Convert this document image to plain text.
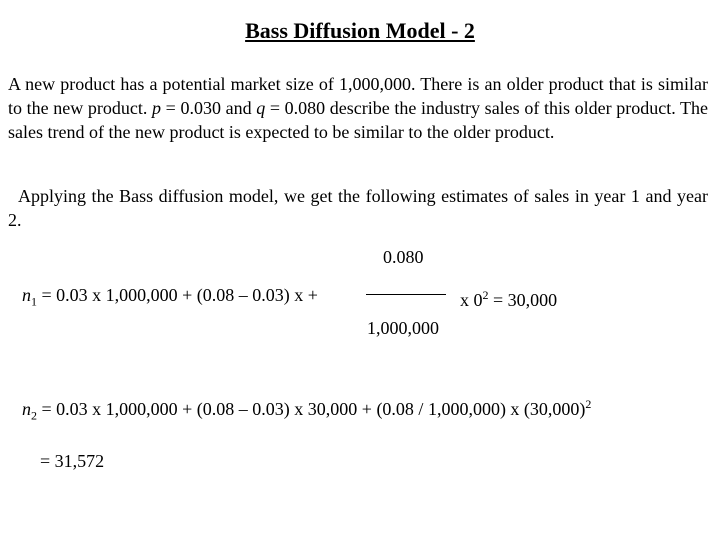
Bass Diffusion Model - 2
A new product has a potential market size of 1,000,000. There is an older product that is similar to the new product. p = 0.030 and q = 0.080 describe the industry sales of this older product. The sales trend of the new product is expected to be similar to the older product.
Applying the Bass diffusion model, we get the following estimates of sales in year 1 and year 2.
0.080
1,000,000
$n_1 = 0.03$ x 1,000,000 + (0.08 – 0.03) x +	x $0^2 = 30,000$
$n_2 = 0.03$ x 1,000,000 + (0.08 – 0.03) x 30,000 + (0.08 / 1,000,000) x $(30,000)^2$
= 31,572
